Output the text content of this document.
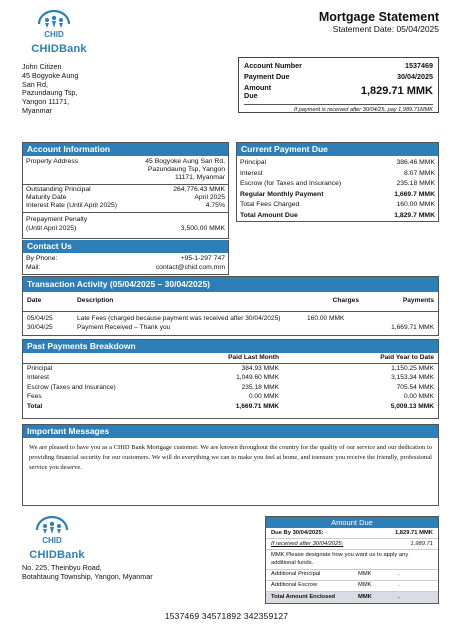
CHID
CHIDBank
John Citizen
45 Bogyoke Aung
San Rd,
Pazundaung Tsp,
Yangon 11171,
Myanmar
Mortgage Statement
Statement Date: 05/04/2025
Account Number	1537469
Payment Due	30/04/2025
Amount
Due	1,829.71 MMK
If payment is received after 30/04/25, pay 1,989.71MMK
Account Information
Property Address	45 Bogyoke Aung San Rd,
Pazundaung Tsp, Yangon
11171, Myanmar
Outstanding Principal	264,776.43 MMK
Maturity Date	April 2025
Interest Rate (Until April 2025)	4.75%
Prepayment Penalty
(Until April 2025)	3,500.00 MMK
Contact Us
By Phone:	+95-1-297 747
Mail:	contact@chid.com.mm
Current Payment Due
Principal	386.46 MMK
Interest	8.07 MMK
Escrow (for Taxes and Insurance)	235.18 MMK
Regular Monthly Payment	1,669.7 MMK
Total Fees Charged	160.00 MMK
Total Amount Due	1,829.7 MMK
Transaction Activity (05/04/2025 – 30/04/2025)
Date	Description	Charges	Payments
05/04/25	Late Fees (charged because payment was received after 30/04/2025)	160.00 MMK	
30/04/25	Payment Received – Thank you		1,669.71 MMK
Past Payments Breakdown
	Paid Last Month	Paid Year to Date
Principal	384.93 MMK	1,150.25 MMK
Interest	1,049.60 MMK	3,153.34 MMK
Escrow (Taxes and Insurance)	235.18 MMK	705.54 MMK
Fees	0.00 MMK	0.00 MMK
Total	1,669.71 MMK	5,009.13 MMK
Important Messages
We are pleased to have you as a CHID Bank Mortgage customer. We are known throughout the country for the quality of our service and our dedication to providing financial security for our customers. We will do everything we can to make you feel at home, and toensure you receive the friendly, professional service you deserve.
CHID
CHIDBank
No. 225, Theinbyu Road,
Botahtaung Township, Yangon, Myanmar
Amount Due
Due By 30/04/2025:	1,829.71 MMK
If received after 30/04/2025:	1,989.71
MMK Please designate how you want us to apply any additional funds.
Additional Principal	MMK	.
Additional Escrow	MMK	.
Total Amount Enclosed	MMK	.
1537469 34571892 342359127
